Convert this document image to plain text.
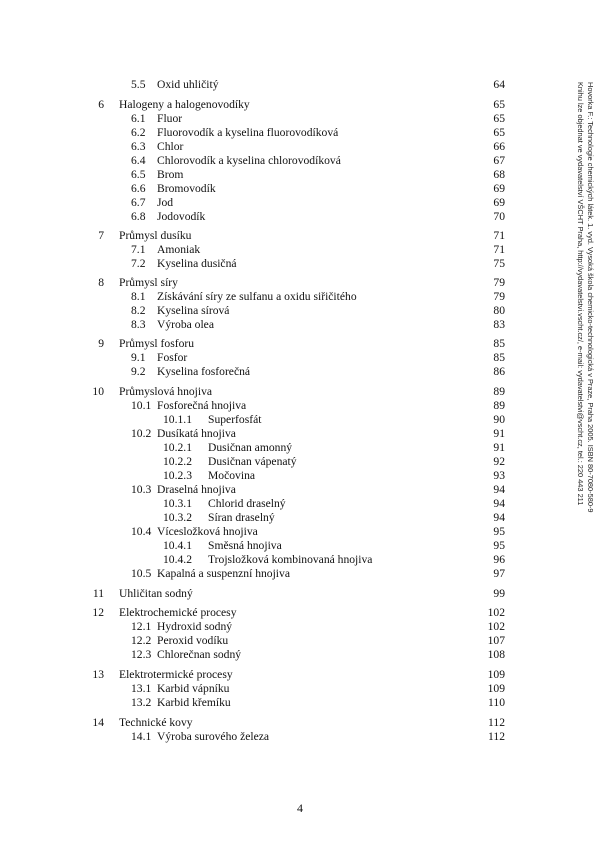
5.5 Oxid uhličitý	64
6 Halogeny a halogenovodíky	65
6.1 Fluor	65
6.2 Fluorovodík a kyselina fluorovodíková	65
6.3 Chlor	66
6.4 Chlorovodík a kyselina chlorovodíková	67
6.5 Brom	68
6.6 Bromovodík	69
6.7 Jod	69
6.8 Jodovodík	70
7 Průmysl dusíku	71
7.1 Amoniak	71
7.2 Kyselina dusičná	75
8 Průmysl síry	79
8.1 Získávání síry ze sulfanu a oxidu siřičitého	79
8.2 Kyselina sírová	80
8.3 Výroba olea	83
9 Průmysl fosforu	85
9.1 Fosfor	85
9.2 Kyselina fosforečná	86
10 Průmyslová hnojiva	89
10.1 Fosforečná hnojiva	89
10.1.1 Superfosfát	90
10.2 Dusíkatá hnojiva	91
10.2.1 Dusičnan amonný	91
10.2.2 Dusičnan vápenatý	92
10.2.3 Močovina	93
10.3 Draselná hnojiva	94
10.3.1 Chlorid draselný	94
10.3.2 Síran draselný	94
10.4 Vícesložková hnojiva	95
10.4.1 Směsná hnojiva	95
10.4.2 Trojsložková kombinovaná hnojiva	96
10.5 Kapalná a suspenzní hnojiva	97
11 Uhličitan sodný	99
12 Elektrochemické procesy	102
12.1 Hydroxid sodný	102
12.2 Peroxid vodíku	107
12.3 Chlorečnan sodný	108
13 Elektrotermické procesy	109
13.1 Karbid vápníku	109
13.2 Karbid křemíku	110
14 Technické kovy	112
14.1 Výroba surového železa	112
Hovorka F.: Technologie chemických látek. 1. vyd. Vysoká škola chemicko-technologická v Praze, Praha 2005. ISBN 80-7080-580-9
Knihu lze objednat ve vydavatelství VŠCHT Praha, http://vydavatelstvi.vscht.cz/, e-mail: vydavatelstvi@vscht.cz, tel.: 220 443 211
4
